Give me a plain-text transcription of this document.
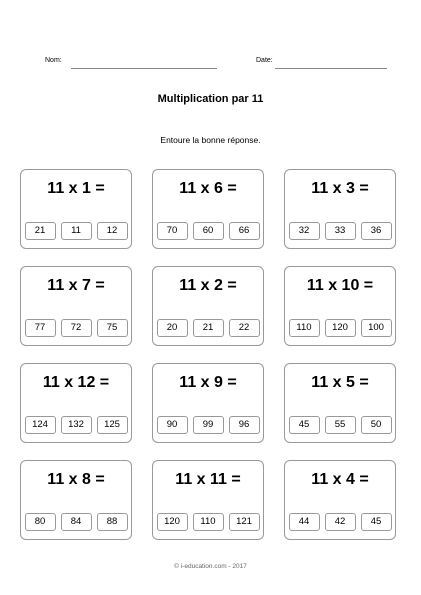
Nom:	Date:
Multiplication par 11
Entoure la bonne réponse.
11 x 1 =
21	11	12
11 x 6 =
70	60	66
11 x 3 =
32	33	36
11 x 7 =
77	72	75
11 x 2 =
20	21	22
11 x 10 =
110	120	100
11 x 12 =
124	132	125
11 x 9 =
90	99	96
11 x 5 =
45	55	50
11 x 8 =
80	84	88
11 x 11 =
120	110	121
11 x 4 =
44	42	45
© i-education.com - 2017
